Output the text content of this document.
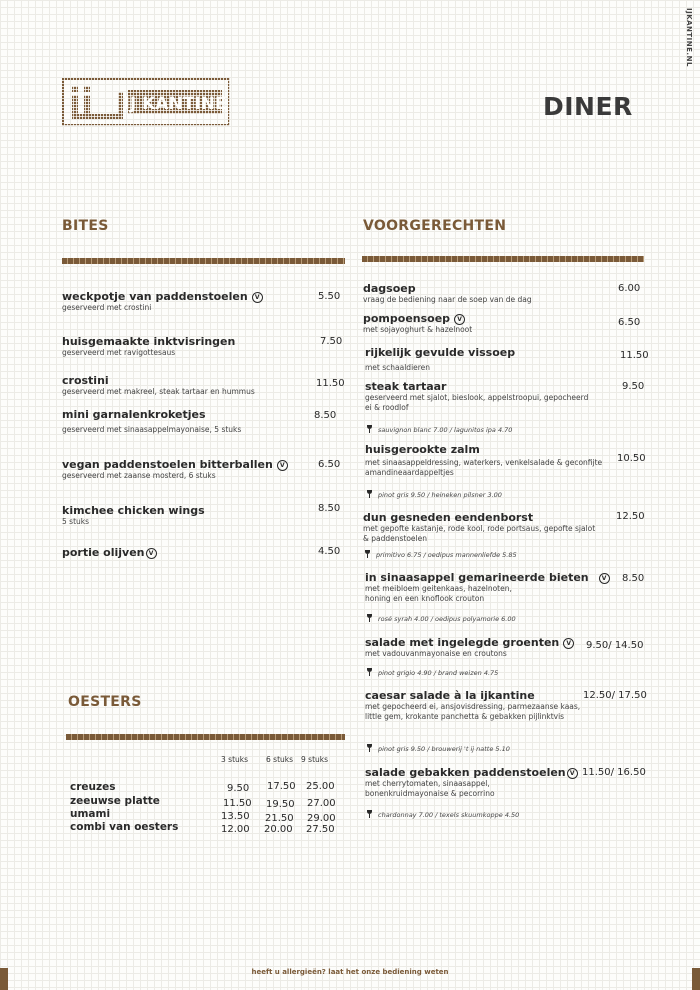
IJKANTINE.NL
IJ KANTINE	DINER
BITES	VOORGERECHTEN
OESTERS
weckpotje van paddenstoelen V
geserveerd met crostini
5.50
huisgemaakte inktvisringen
geserveerd met ravigottesaus
7.50
crostini
geserveerd met makreel, steak tartaar en hummus
11.50
mini garnalenkroketjes
geserveerd met sinaasappelmayonaise, 5 stuks
8.50
vegan paddenstoelen bitterballen V
geserveerd met zaanse mosterd, 6 stuks
6.50
kimchee chicken wings
5 stuks
8.50
portie olijven V	4.50
dagsoep
vraag de bediening naar de soep van de dag
6.00
pompoensoep V
met sojayoghurt & hazelnoot
6.50
rijkelijk gevulde vissoep
met schaaldieren
11.50
steak tartaar
geserveerd met sjalot, bieslook, appelstroopui, gepocheerd ei & roodlof
9.50
sauvignon blanc 7.00 / lagunitos ipa 4.70
huisgerookte zalm
met sinaasappeldressing, waterkers, venkelsalade & geconfijte amandineaardappeltjes
10.50
pinot gris 9.50 / heineken pilsner 3.00
dun gesneden eendenborst
met gepofte kastanje, rode kool, rode portsaus, gepofte sjalot & paddenstoelen
12.50
primitivo 6.75 / oedipus mannenliefde 5.85
in sinaasappel gemarineerde bieten V
met meibloem geitenkaas, hazelnoten, honing en een knoflook crouton
8.50
rosé syrah 4.00 / oedipus polyamorie 6.00
salade met ingelegde groenten V
met vadouvanmayonaise en croutons
9.50/ 14.50
pinot grigio 4.90 / brand weizen 4.75
caesar salade à la ijkantine
met gepocheerd ei, ansjovisdressing, parmezaanse kaas, little gem, krokante panchetta & gebakken pijlinktvis
12.50/ 17.50
pinot gris 9.50 / brouwerij 't ij natte 5.10
salade gebakken paddenstoelen V
met cherrytomaten, sinaasappel, bonenkruidmayonaise & pecorrino
11.50/ 16.50
chardonnay 7.00 / texels skuumkoppe 4.50
3 stuks 6 stuks 9 stuks
creuzes	9.50 17.50 25.00
zeeuwse platte	11.50 19.50 27.00
umami	13.50 21.50 29.00
combi van oesters	12.00 20.00 27.50
heeft u allergieën? laat het onze bediening weten
